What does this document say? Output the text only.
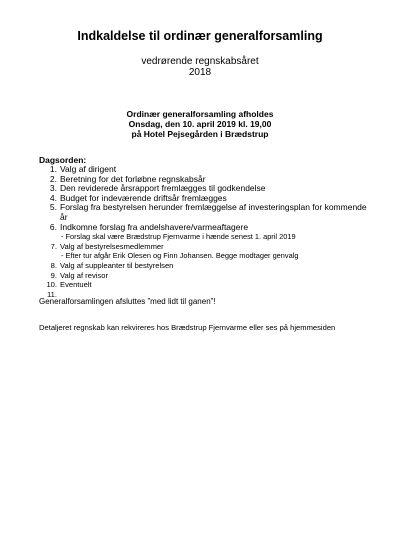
Indkaldelse til ordinær generalforsamling

vedrørende regnskabsåret

2018

Ordinær generalforsamling afholdes

Onsdag, den 10. april 2019 kl. 19,00

på Hotel Pejsegården i Brædstrup

Dagsorden:

1. Valg af dirigent
2. Beretning for det forløbne regnskabsår
3. Den reviderede årsrapport fremlægges til godkendelse
4. Budget for indeværende driftsår fremlægges
5. Forslag fra bestyrelsen herunder fremlæggelse af investeringsplan for kommende år
6. Indkomne forslag fra andelshavere/varmeaftagere
- Forslag skal være Brædstrup Fjernvarme i hænde senest 1. april 2019
7. Valg af bestyrelsesmedlemmer
- Efter tur afgår Erik Olesen og Finn Johansen. Begge modtager genvalg
8. Valg af suppleanter til bestyrelsen
9. Valg af revisor
10. Eventuelt
11.

Generalforsamlingen afsluttes ”med lidt til ganen”!

Detaljeret regnskab kan rekvireres hos Brædstrup Fjernvarme eller ses på hjemmesiden
